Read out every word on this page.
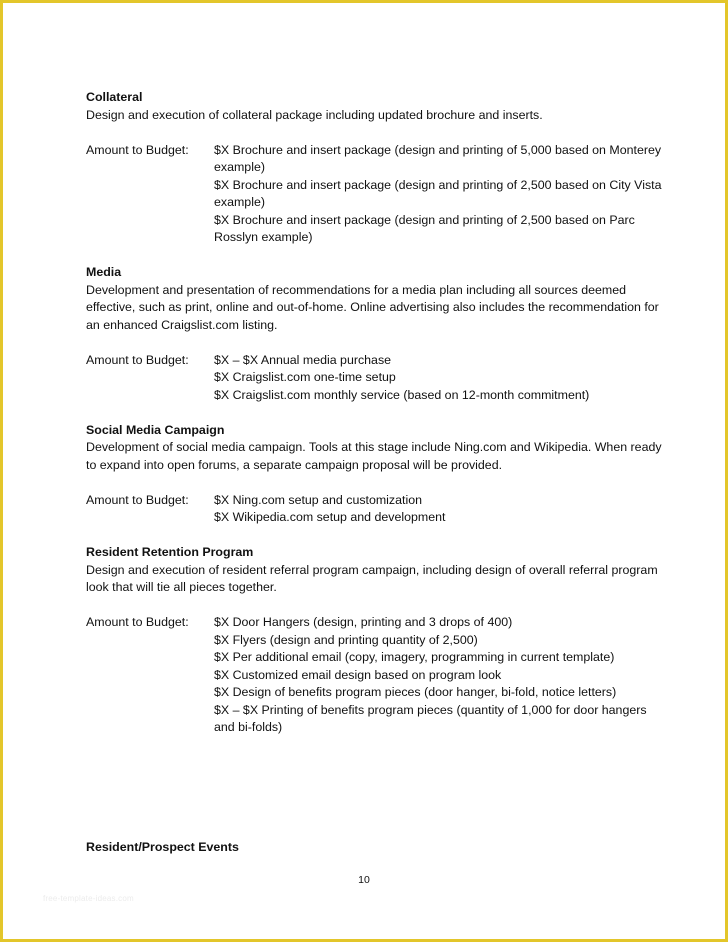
Collateral

Design and execution of collateral package including updated brochure and inserts.

Amount to Budget:	$X Brochure and insert package (design and printing of 5,000 based on Monterey example)

$X Brochure and insert package (design and printing of 2,500 based on City Vista example)

$X Brochure and insert package (design and printing of 2,500 based on Parc Rosslyn example)

Media

Development and presentation of recommendations for a media plan including all sources deemed effective, such as print, online and out-of-home. Online advertising also includes the recommendation for an enhanced Craigslist.com listing.

Amount to Budget:	$X – $X Annual media purchase

$X Craigslist.com one-time setup

$X Craigslist.com monthly service (based on 12-month commitment)

Social Media Campaign

Development of social media campaign. Tools at this stage include Ning.com and Wikipedia. When ready to expand into open forums, a separate campaign proposal will be provided.

Amount to Budget:	$X Ning.com setup and customization

$X Wikipedia.com setup and development

Resident Retention Program

Design and execution of resident referral program campaign, including design of overall referral program look that will tie all pieces together.

Amount to Budget:	$X Door Hangers (design, printing and 3 drops of 400)

$X Flyers (design and printing quantity of 2,500)

$X Per additional email (copy, imagery, programming in current template)

$X Customized email design based on program look

$X Design of benefits program pieces (door hanger, bi-fold, notice letters)

$X – $X Printing of benefits program pieces (quantity of 1,000 for door hangers and bi-folds)

Resident/Prospect Events
10
free-template-ideas.com
